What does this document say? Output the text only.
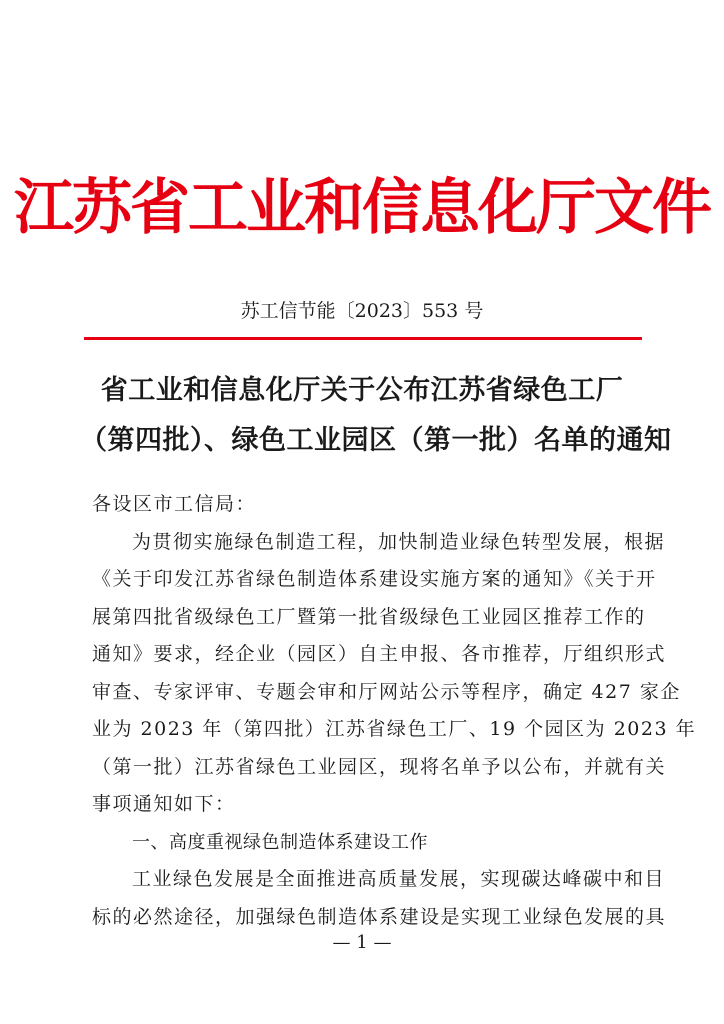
江苏省工业和信息化厅文件
苏工信节能〔2023〕553 号
省工业和信息化厅关于公布江苏省绿色工厂
（第四批）、绿色工业园区（第一批）名单的通知
各设区市工信局：
为贯彻实施绿色制造工程，加快制造业绿色转型发展，根据
《关于印发江苏省绿色制造体系建设实施方案的通知》《关于开
展第四批省级绿色工厂暨第一批省级绿色工业园区推荐工作的
通知》要求，经企业（园区）自主申报、各市推荐，厅组织形式
审查、专家评审、专题会审和厅网站公示等程序，确定 427 家企
业为 2023 年（第四批）江苏省绿色工厂、19 个园区为 2023 年
（第一批）江苏省绿色工业园区，现将名单予以公布，并就有关
事项通知如下：
一、高度重视绿色制造体系建设工作
工业绿色发展是全面推进高质量发展，实现碳达峰碳中和目
标的必然途径，加强绿色制造体系建设是实现工业绿色发展的具
— 1 —
